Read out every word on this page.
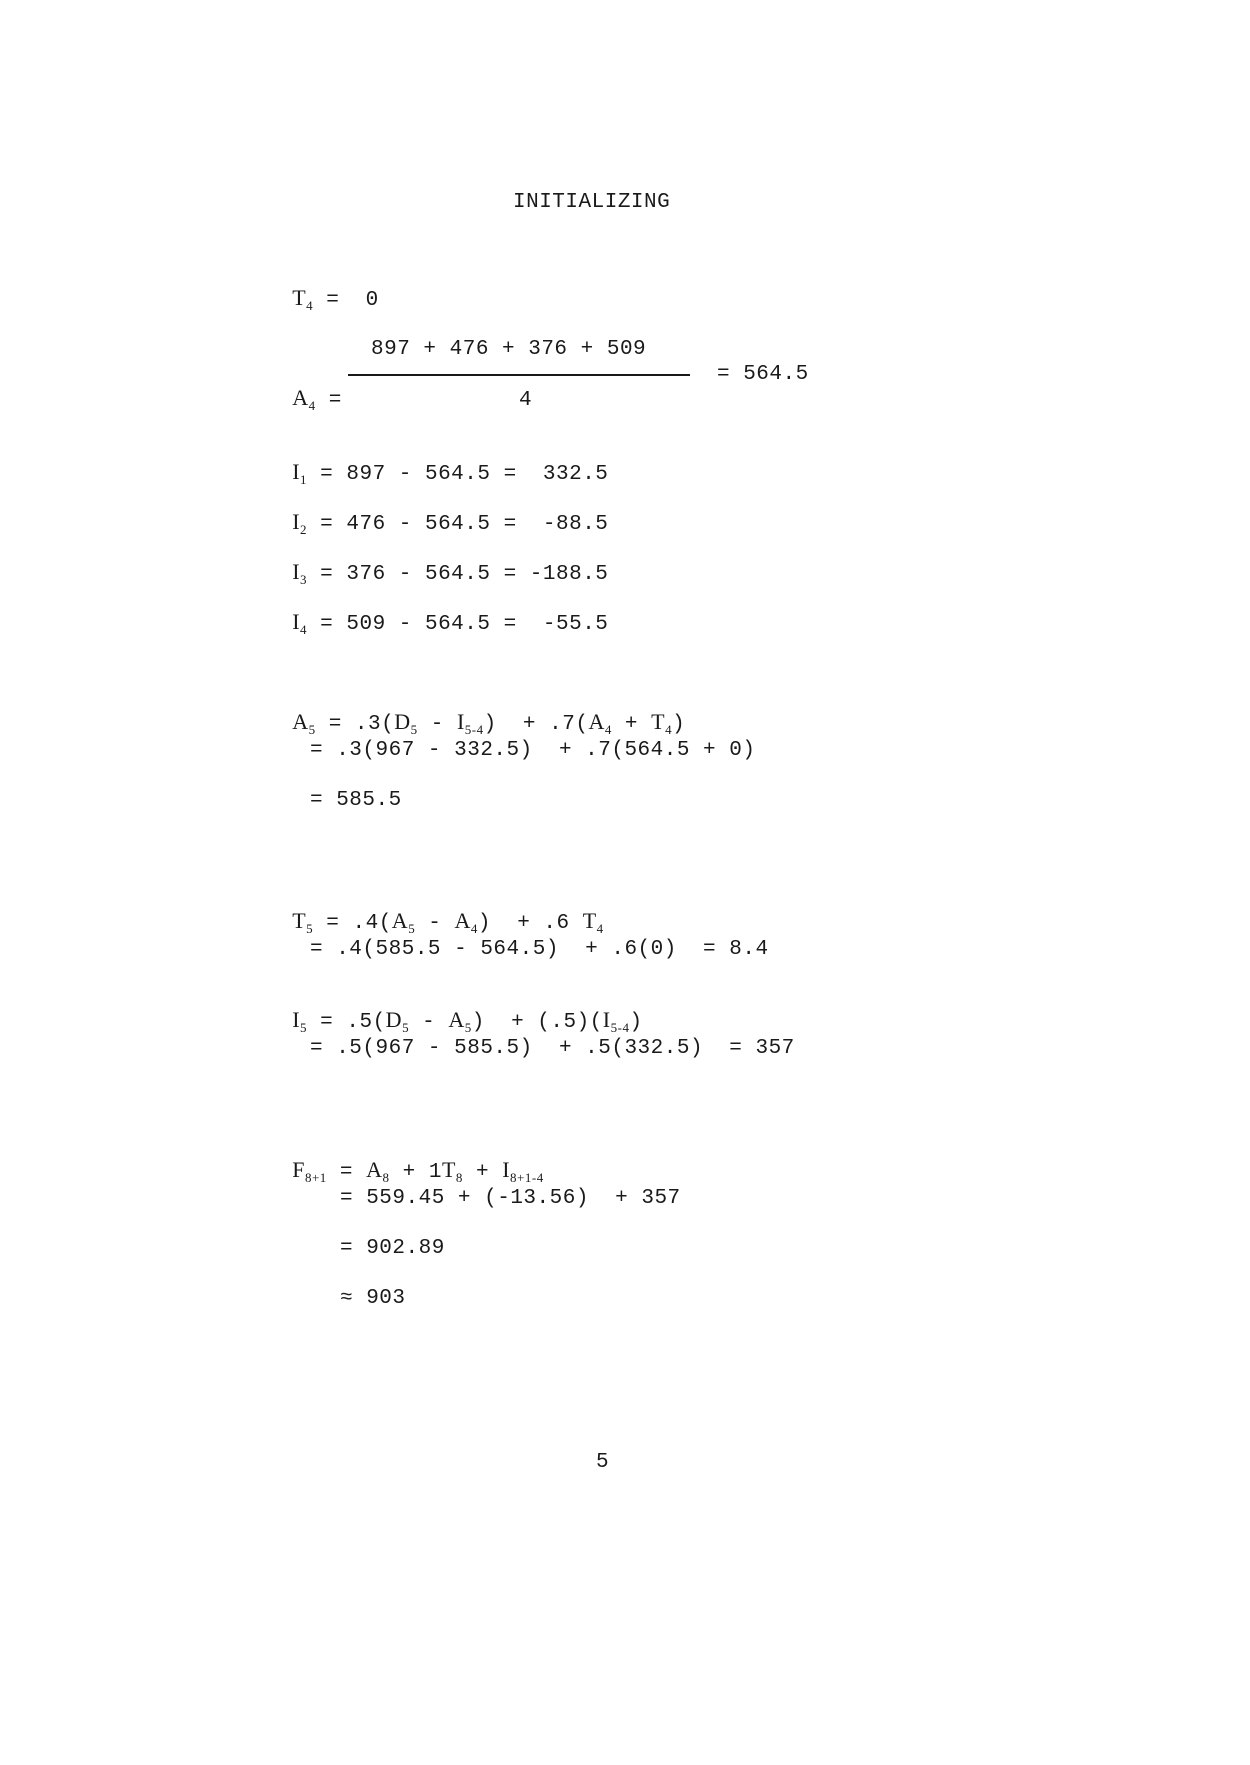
INITIALIZING

$T_4 = 0$

$A_4$ =

897 + 476 + 376 + 509
4
= 564.5

$I_1 = 897 - 564.5 = 332.5$

$I_2 = 476 - 564.5 = -88.5$

$I_3 = 376 - 564.5 = -188.5$

$I_4 = 509 - 564.5 = -55.5$

$A_5 = .3(D_5 - I_{5-4}) + .7(A_4 + T_4)$

= .3(967 - 332.5)  + .7(564.5 + 0)
= 585.5

$T_5 = .4(A_5 - A_4) + .6$ $T_4$

= .4(585.5 - 564.5)  + .6(0)  = 8.4

$I_5 = .5(D_5 - A_5) + (.5)(I_{5-4})$

= .5(967 - 585.5)  + .5(332.5)  = 357

$F_{8+1} = A_8 + 1T_8 + I_{8+1-4}$

= 559.45 + (-13.56)  + 357
= 902.89
≈ 903
5
